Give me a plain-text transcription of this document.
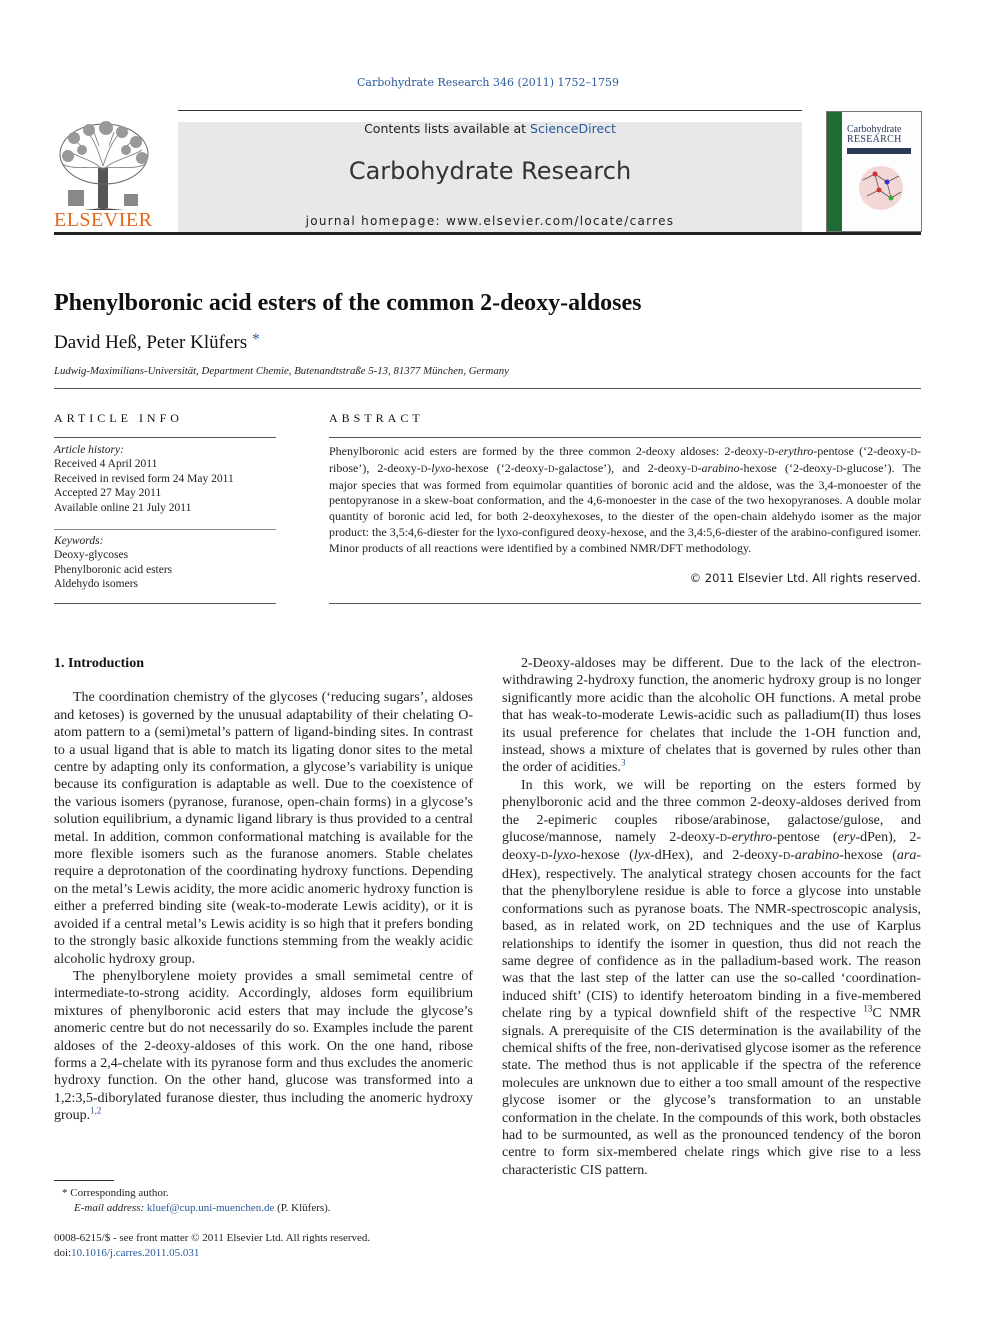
Carbohydrate Research 346 (2011) 1752–1759
ELSEVIER
Contents lists available at ScienceDirect
Carbohydrate Research
journal homepage: www.elsevier.com/locate/carres
Carbohydrate
RESEARCH
Phenylboronic acid esters of the common 2-deoxy-aldoses
David Heß, Peter Klüfers *
Ludwig-Maximilians-Universität, Department Chemie, Butenandtstraße 5-13, 81377 München, Germany
ARTICLE INFO
Article history:
Received 4 April 2011
Received in revised form 24 May 2011
Accepted 27 May 2011
Available online 21 July 2011
Keywords:
Deoxy-glycoses
Phenylboronic acid esters
Aldehydo isomers
ABSTRACT
Phenylboronic acid esters are formed by the three common 2-deoxy aldoses: 2-deoxy-D-erythro-pentose (‘2-deoxy-D-ribose’), 2-deoxy-D-lyxo-hexose (‘2-deoxy-D-galactose’), and 2-deoxy-D-arabino-hexose (‘2-deoxy-D-glucose’). The major species that was formed from equimolar quantities of boronic acid and the aldose, was the 3,4-monoester of the pentopyranose in a skew-boat conformation, and the 4,6-monoester in the case of the two hexopyranoses. A double molar quantity of boronic acid led, for both 2-deoxyhexoses, to the diester of the open-chain aldehydo isomer as the major product: the 3,5:4,6-diester for the lyxo-configured deoxy-hexose, and the 3,4:5,6-diester of the arabino-configured isomer. Minor products of all reactions were identified by a combined NMR/DFT methodology.
© 2011 Elsevier Ltd. All rights reserved.
1. Introduction

The coordination chemistry of the glycoses (‘reducing sugars’, aldoses and ketoses) is governed by the unusual adaptability of their chelating O-atom pattern to a (semi)metal’s pattern of ligand-binding sites. In contrast to a usual ligand that is able to match its ligating donor sites to the metal centre by adapting only its conformation, a glycose’s variability is unique because its configuration is adaptable as well. Due to the coexistence of the various isomers (pyranose, furanose, open-chain forms) in a glycose’s solution equilibrium, a dynamic ligand library is thus provided to a central metal. In addition, common conformational matching is available for the more flexible isomers such as the furanose anomers. Stable chelates require a deprotonation of the coordinating hydroxy functions. Depending on the metal’s Lewis acidity, the more acidic anomeric hydroxy function is either a preferred binding site (weak-to-moderate Lewis acidity), or it is avoided if a central metal’s Lewis acidity is so high that it prefers bonding to the strongly basic alkoxide functions stemming from the weakly acidic alcoholic hydroxy group.

The phenylborylene moiety provides a small semimetal centre of intermediate-to-strong acidity. Accordingly, aldoses form equilibrium mixtures of phenylboronic acid esters that may include the glycose’s anomeric centre but do not necessarily do so. Examples include the parent aldoses of the 2-deoxy-aldoses of this work. On the one hand, ribose forms a 2,4-chelate with its pyranose form and thus excludes the anomeric hydroxy function. On the other hand, glucose was transformed into a 1,2:3,5-diborylated furanose diester, thus including the anomeric hydroxy group.$^{1,2}$

2-Deoxy-aldoses may be different. Due to the lack of the electron-withdrawing 2-hydroxy function, the anomeric hydroxy group is no longer significantly more acidic than the alcoholic OH functions. A metal probe that has weak-to-moderate Lewis-acidic such as palladium(II) thus loses its usual preference for chelates that include the 1-OH function and, instead, shows a mixture of chelates that is governed by rules other than the order of acidities.$^3$

In this work, we will be reporting on the esters formed by phenylboronic acid and the three common 2-deoxy-aldoses derived from the 2-epimeric couples ribose/arabinose, galactose/gulose, and glucose/mannose, namely 2-deoxy-D-erythro-pentose (ery-dPen), 2-deoxy-D-lyxo-hexose (lyx-dHex), and 2-deoxy-D-arabino-hexose (ara-dHex), respectively. The analytical strategy chosen accounts for the fact that the phenylborylene residue is able to force a glycose into unstable conformations such as pyranose boats. The NMR-spectroscopic analysis, based, as in related work, on 2D techniques and the use of Karplus relationships to identify the isomer in question, thus did not reach the same degree of confidence as in the palladium-based work. The reason was that the last step of the latter can use the so-called ‘coordination-induced shift’ (CIS) to identify heteroatom binding in a five-membered chelate ring by a typical downfield shift of the respective $^{13}$C NMR signals. A prerequisite of the CIS determination is the availability of the chemical shifts of the free, non-derivatised glycose isomer as the reference state. The method thus is not applicable if the spectra of the reference molecules are unknown due to either a too small amount of the respective glycose isomer or the glycose’s transformation to an unstable conformation in the chelate. In the compounds of this work, both obstacles had to be surmounted, as well as the pronounced tendency of the boron centre to form six-membered chelate rings which give rise to a less characteristic CIS pattern.

* Corresponding author.
E-mail address: kluef@cup.uni-muenchen.de (P. Klüfers).
0008-6215/$ - see front matter © 2011 Elsevier Ltd. All rights reserved.
doi:10.1016/j.carres.2011.05.031
